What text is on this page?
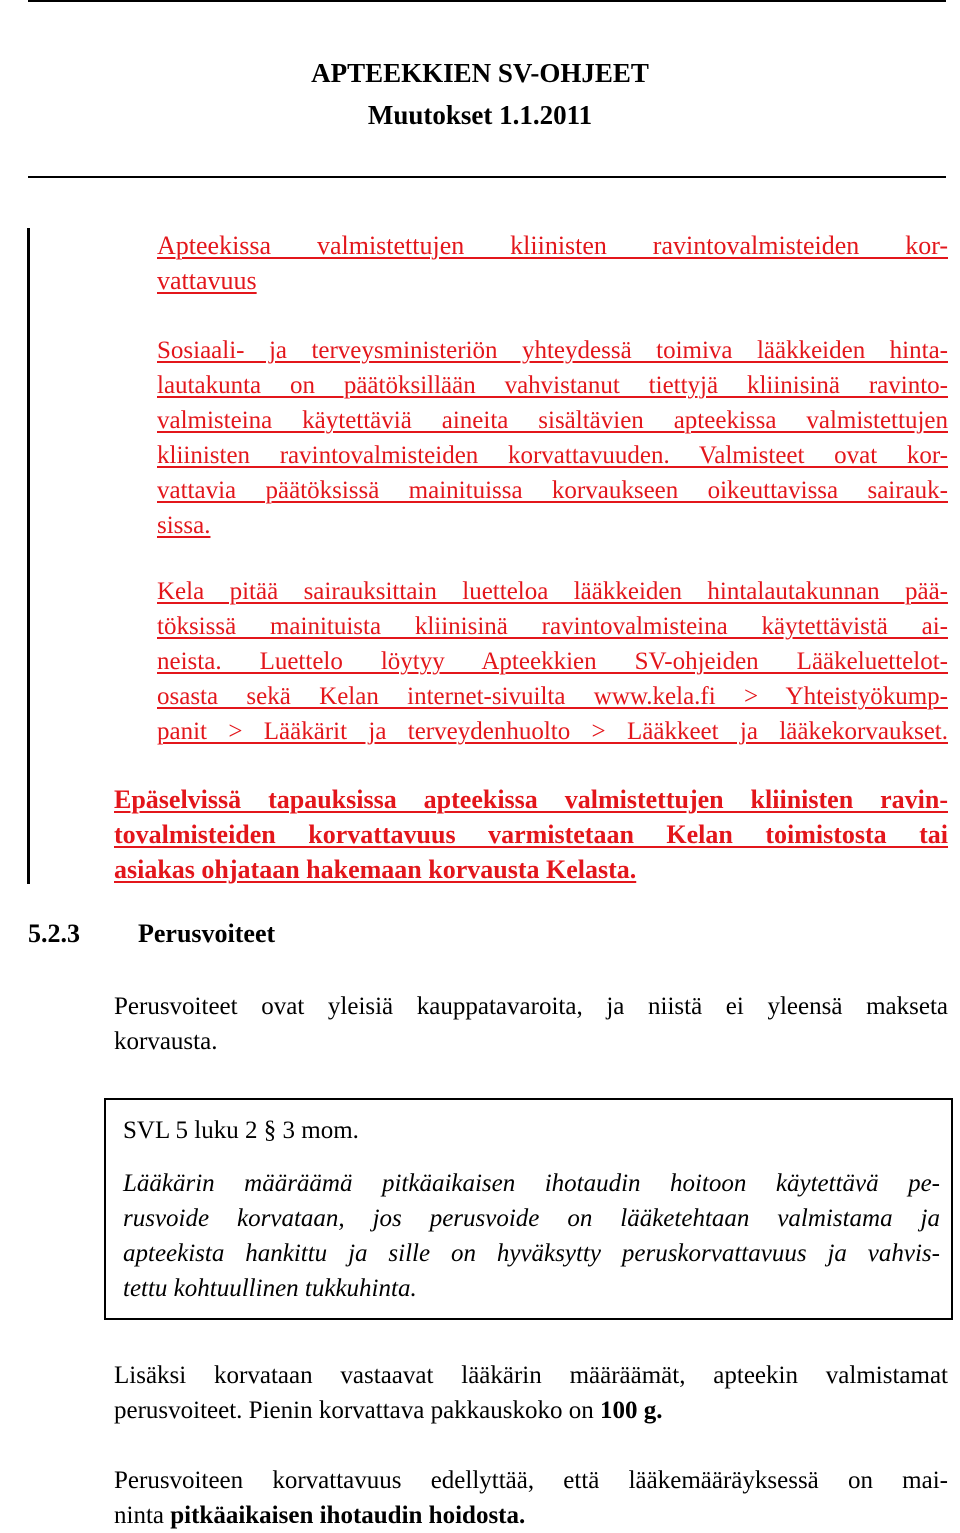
APTEEKKIEN SV-OHJEET
Muutokset 1.1.2011
Apteekissa valmistettujen kliinisten ravintovalmisteiden kor-
vattavuus
Sosiaali- ja terveysministeriön yhteydessä toimiva lääkkeiden hinta-
lautakunta on päätöksillään vahvistanut tiettyjä kliinisinä ravinto-
valmisteina käytettäviä aineita sisältävien apteekissa valmistettujen
kliinisten ravintovalmisteiden korvattavuuden. Valmisteet ovat kor-
vattavia päätöksissä mainituissa korvaukseen oikeuttavissa sairauk-
sissa.
Kela pitää sairauksittain luetteloa lääkkeiden hintalautakunnan pää-
töksissä mainituista kliinisinä ravintovalmisteina käytettävistä ai-
neista. Luettelo löytyy Apteekkien SV-ohjeiden Lääkeluettelot-
osasta sekä Kelan internet-sivuilta www.kela.fi > Yhteistyökump-
panit > Lääkärit ja terveydenhuolto > Lääkkeet ja lääkekorvaukset.
Epäselvissä tapauksissa apteekissa valmistettujen kliinisten ravin-
tovalmisteiden korvattavuus varmistetaan Kelan toimistosta tai
asiakas ohjataan hakemaan korvausta Kelasta.
5.2.3 Perusvoiteet
Perusvoiteet ovat yleisiä kauppatavaroita, ja niistä ei yleensä makseta
korvausta.
SVL 5 luku 2 § 3 mom.
Lääkärin määräämä pitkäaikaisen ihotaudin hoitoon käytettävä pe-
rusvoide korvataan, jos perusvoide on lääketehtaan valmistama ja
apteekista hankittu ja sille on hyväksytty peruskorvattavuus ja vahvis-
tettu kohtuullinen tukkuhinta.
Lisäksi korvataan vastaavat lääkärin määräämät, apteekin valmistamat
perusvoiteet. Pienin korvattava pakkauskoko on 100 g.
Perusvoiteen korvattavuus edellyttää, että lääkemääräyksessä on mai-
ninta pitkäaikaisen ihotaudin hoidosta.
